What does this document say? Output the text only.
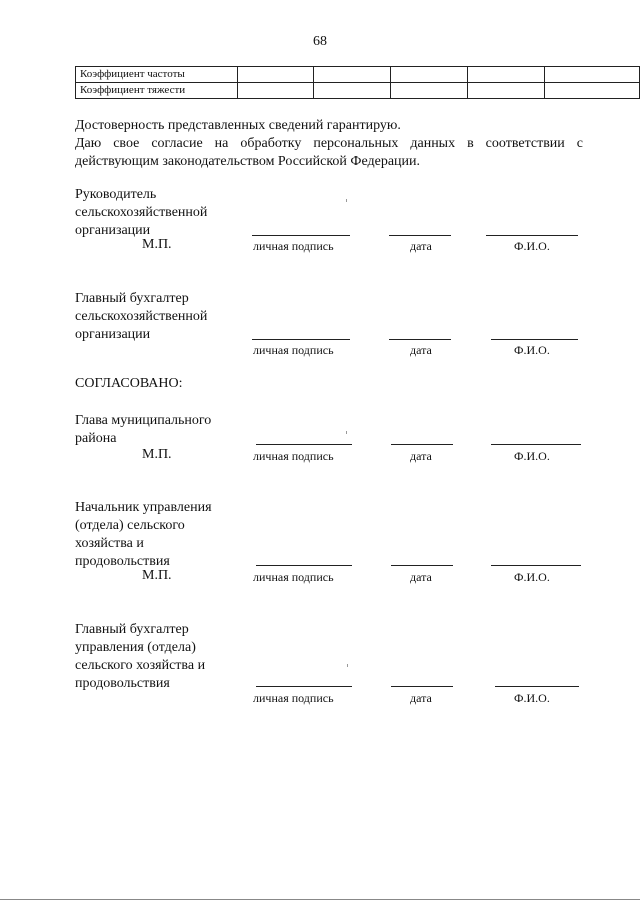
68
Коэффициент частоты					
Коэффициент тяжести					
Достоверность представленных сведений гарантирую.
Даю свое согласие на обработку персональных данных в соответствии с
действующим законодательством Российской Федерации.
Руководитель
сельскохозяйственной
организации
М.П.	личная подпись	дата	Ф.И.О.
Главный бухгалтер
сельскохозяйственной
организации
личная подпись	дата	Ф.И.О.
СОГЛАСОВАНО:
Глава муниципального
района
М.П.	личная подпись	дата	Ф.И.О.
Начальник управления
(отдела) сельского
хозяйства и
продовольствия
М.П.	личная подпись	дата	Ф.И.О.
Главный бухгалтер
управления (отдела)
сельского хозяйства и
продовольствия
личная подпись	дата	Ф.И.О.
